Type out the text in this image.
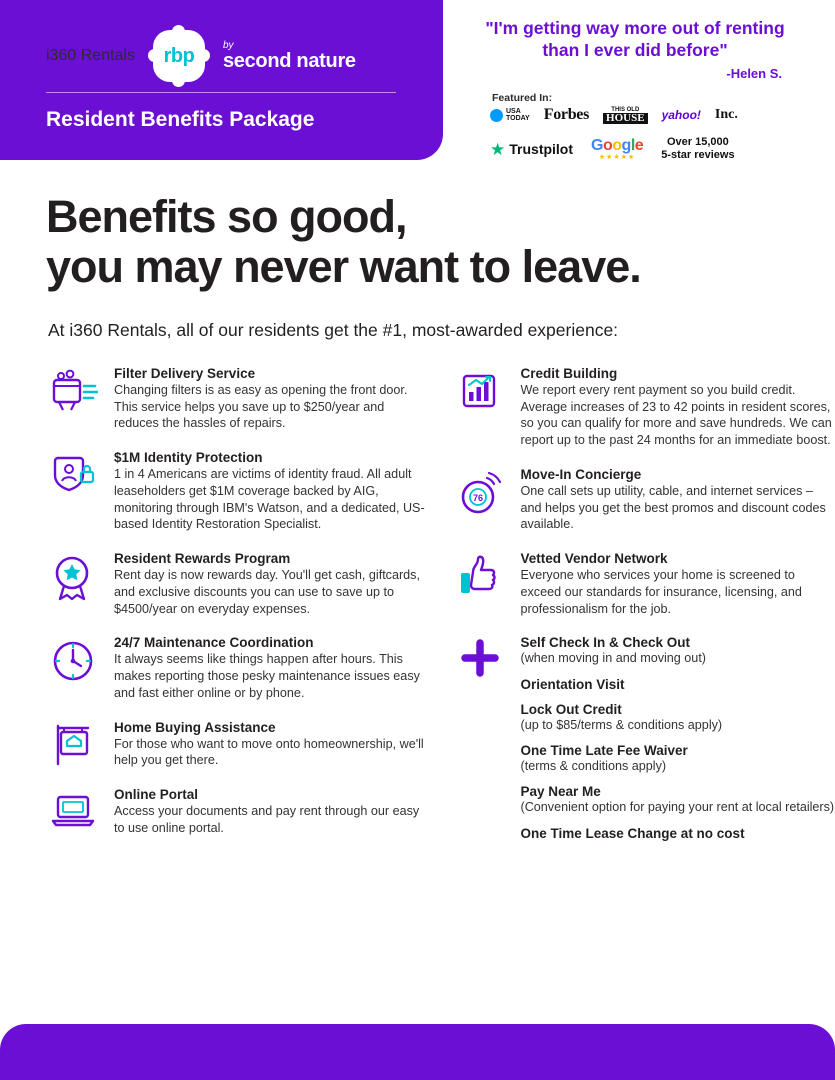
i360 Rentals	rbp	by
second nature
Resident Benefits Package
"I'm getting way more out of renting than I ever did before"
-Helen S.
Featured In:
USA
TODAY Forbes	THIS OLD
HOUSE yahoo! Inc.
★ Trustpilot Google
★★★★★
Over 15,000
5-star reviews
Benefits so good,
you may never want to leave.
At i360 Rentals, all of our residents get the #1, most-awarded experience:
Filter Delivery Service
Changing filters is as easy as opening the front door. This service helps you save up to $250/year and reduces the hassles of repairs.
$1M Identity Protection
1 in 4 Americans are victims of identity fraud. All adult leaseholders get $1M coverage backed by AIG, monitoring through IBM's Watson, and a dedicated, US-based Identity Restoration Specialist.
Resident Rewards Program
Rent day is now rewards day. You'll get cash, giftcards, and exclusive discounts you can use to save up to $4500/year on everyday expenses.
24/7 Maintenance Coordination
It always seems like things happen after hours. This makes reporting those pesky maintenance issues easy and fast either online or by phone.
Home Buying Assistance
For those who want to move onto homeownership, we'll help you get there.
Online Portal
Access your documents and pay rent through our easy to use online portal.
Credit Building
We report every rent payment so you build credit. Average increases of 23 to 42 points in resident scores, so you can qualify for more and save hundreds. We can report up to the past 24 months for an immediate boost.
76
Move-In Concierge
One call sets up utility, cable, and internet services – and helps you get the best promos and discount codes available.
Vetted Vendor Network
Everyone who services your home is screened to exceed our standards for insurance, licensing, and professionalism for the job.
Self Check In & Check Out
(when moving in and moving out)
Orientation Visit
Lock Out Credit
(up to $85/terms & conditions apply)
One Time Late Fee Waiver
(terms & conditions apply)
Pay Near Me
(Convenient option for paying your rent at local retailers)
One Time Lease Change at no cost
